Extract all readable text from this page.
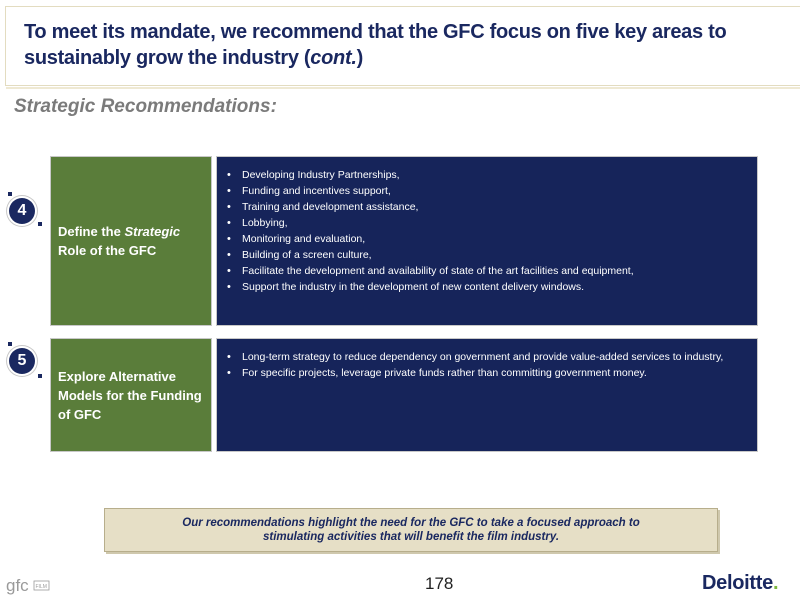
To meet its mandate, we recommend that the GFC focus on five key areas to
sustainably grow the industry (cont.)
Strategic Recommendations:
4
Define the Strategic
Role of the GFC
• Developing Industry Partnerships,
• Funding and incentives support,
• Training and development assistance,
• Lobbying,
• Monitoring and evaluation,
• Building of a screen culture,
• Facilitate the development and availability of state of the art facilities and equipment,
• Support the industry in the development of new content delivery windows.
5
Explore Alternative
Models for the Funding
of GFC
• Long-term strategy to reduce dependency on government and provide value-added services to industry,
• For specific projects, leverage private funds rather than committing government money.
Our recommendations highlight the need for the GFC to take a focused approach to
stimulating activities that will benefit the film industry.
gfc FILM	178	Deloitte.
